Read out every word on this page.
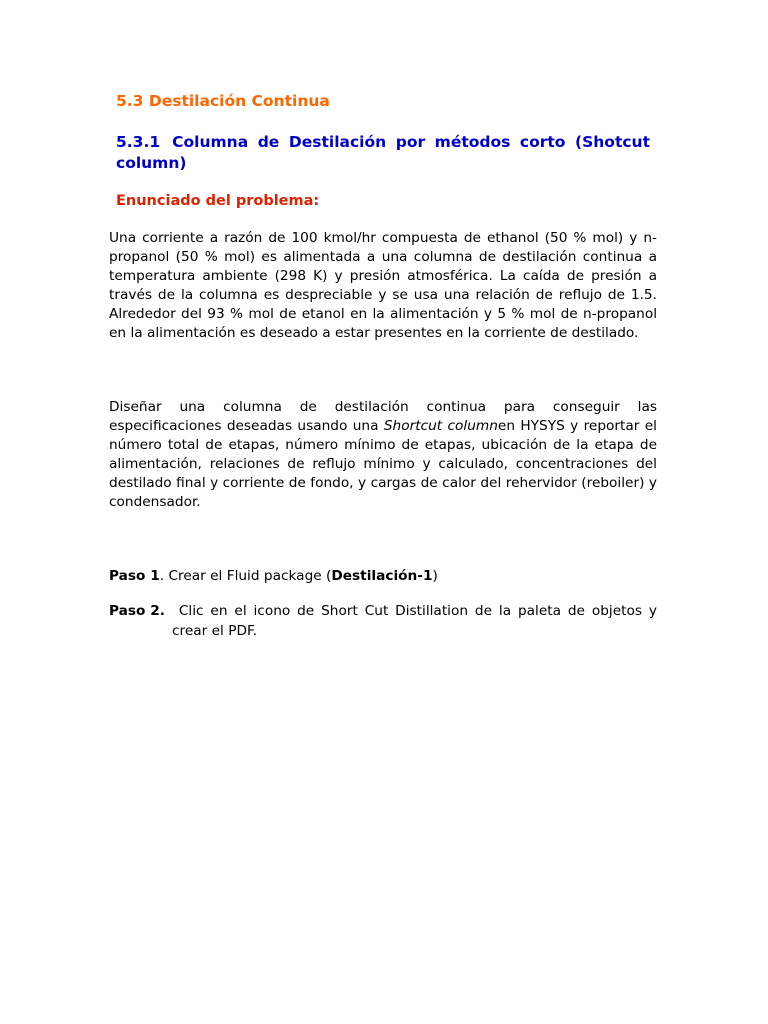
5.3 Destilación Continua
5.3.1 Columna de Destilación por métodos corto (Shotcut column)
Enunciado del problema:

Una corriente a razón de 100 kmol/hr compuesta de ethanol (50 % mol) y n-propanol (50 % mol) es alimentada a una columna de destilación continua a temperatura ambiente (298 K) y presión atmosférica. La caída de presión a través de la columna es despreciable y se usa una relación de reflujo de 1.5. Alrededor del 93 % mol de etanol en la alimentación y 5 % mol de n-propanol en la alimentación es deseado a estar presentes en la corriente de destilado.

Diseñar una columna de destilación continua para conseguir las especificaciones deseadas usando una Shortcut columnen HYSYS y reportar el número total de etapas, número mínimo de etapas, ubicación de la etapa de alimentación, relaciones de reflujo mínimo y calculado, concentraciones del destilado final y corriente de fondo, y cargas de calor del rehervidor (reboiler) y condensador.

Paso 1. Crear el Fluid package (Destilación-1)

Paso 2. Clic en el icono de Short Cut Distillation de la paleta de objetos y crear el PDF.
